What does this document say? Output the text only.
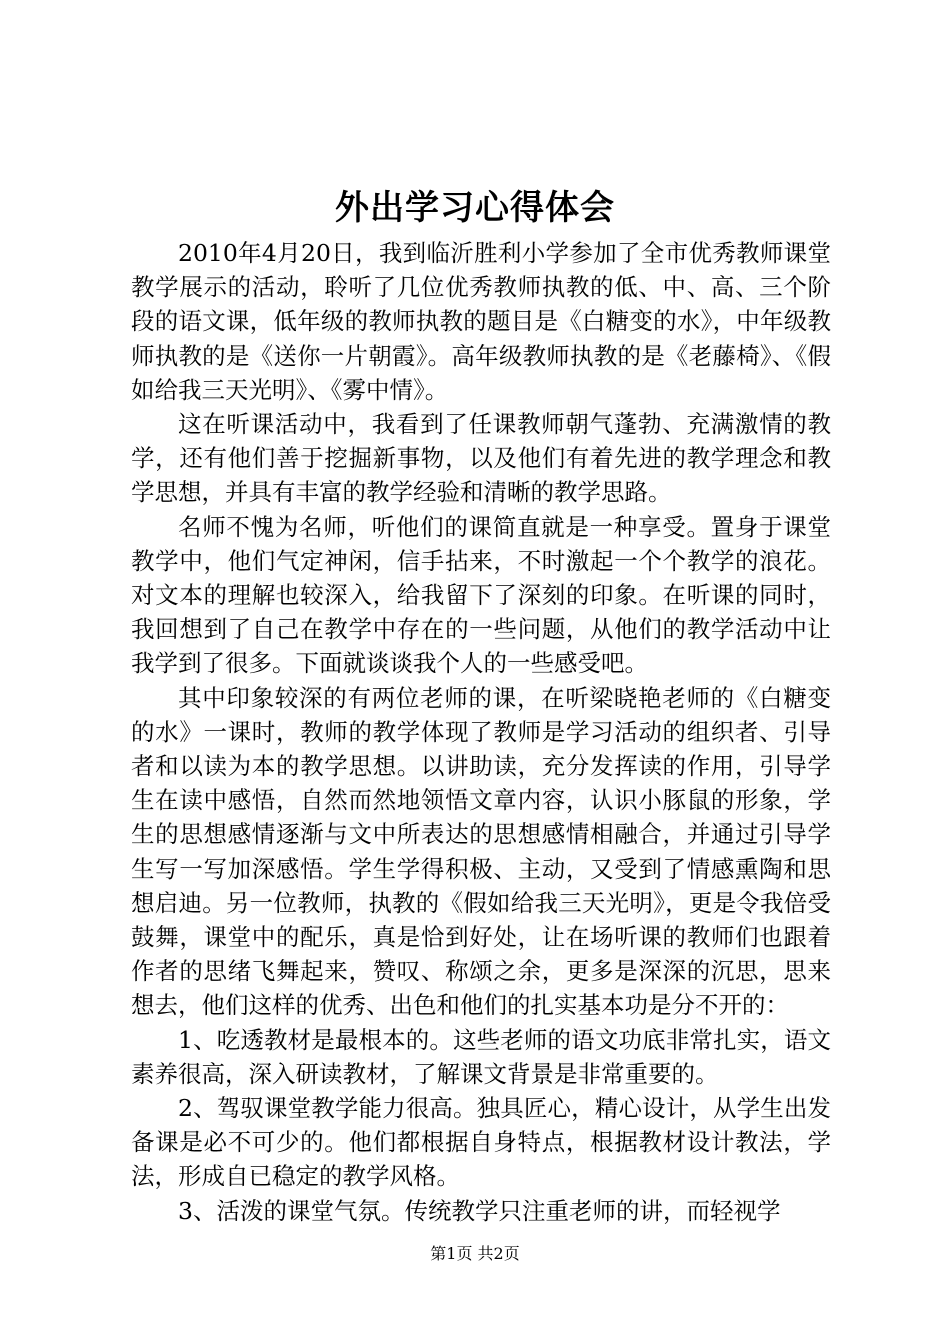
外出学习心得体会

2010年4月20日，我到临沂胜利小学参加了全市优秀教师课堂教学展示的活动，聆听了几位优秀教师执教的低、中、高、三个阶段的语文课，低年级的教师执教的题目是《白糖变的水》，中年级教师执教的是《送你一片朝霞》。高年级教师执教的是《老藤椅》、《假如给我三天光明》、《雾中情》。

这在听课活动中，我看到了任课教师朝气蓬勃、充满激情的教学，还有他们善于挖掘新事物，以及他们有着先进的教学理念和教学思想，并具有丰富的教学经验和清晰的教学思路。

名师不愧为名师，听他们的课简直就是一种享受。置身于课堂教学中，他们气定神闲，信手拈来，不时激起一个个教学的浪花。对文本的理解也较深入，给我留下了深刻的印象。在听课的同时，我回想到了自己在教学中存在的一些问题，从他们的教学活动中让我学到了很多。下面就谈谈我个人的一些感受吧。

其中印象较深的有两位老师的课，在听梁晓艳老师的《白糖变的水》一课时，教师的教学体现了教师是学习活动的组织者、引导者和以读为本的教学思想。以讲助读，充分发挥读的作用，引导学生在读中感悟，自然而然地领悟文章内容，认识小豚鼠的形象，学生的思想感情逐渐与文中所表达的思想感情相融合，并通过引导学生写一写加深感悟。学生学得积极、主动，又受到了情感熏陶和思想启迪。另一位教师，执教的《假如给我三天光明》，更是令我倍受鼓舞，课堂中的配乐，真是恰到好处，让在场听课的教师们也跟着作者的思绪飞舞起来，赞叹、称颂之余，更多是深深的沉思，思来想去，他们这样的优秀、出色和他们的扎实基本功是分不开的：

1、吃透教材是最根本的。这些老师的语文功底非常扎实，语文素养很高，深入研读教材，了解课文背景是非常重要的。

2、驾驭课堂教学能力很高。独具匠心，精心设计，从学生出发备课是必不可少的。他们都根据自身特点，根据教材设计教法，学法，形成自已稳定的教学风格。

3、活泼的课堂气氛。传统教学只注重老师的讲，而轻视学

第1页 共2页
